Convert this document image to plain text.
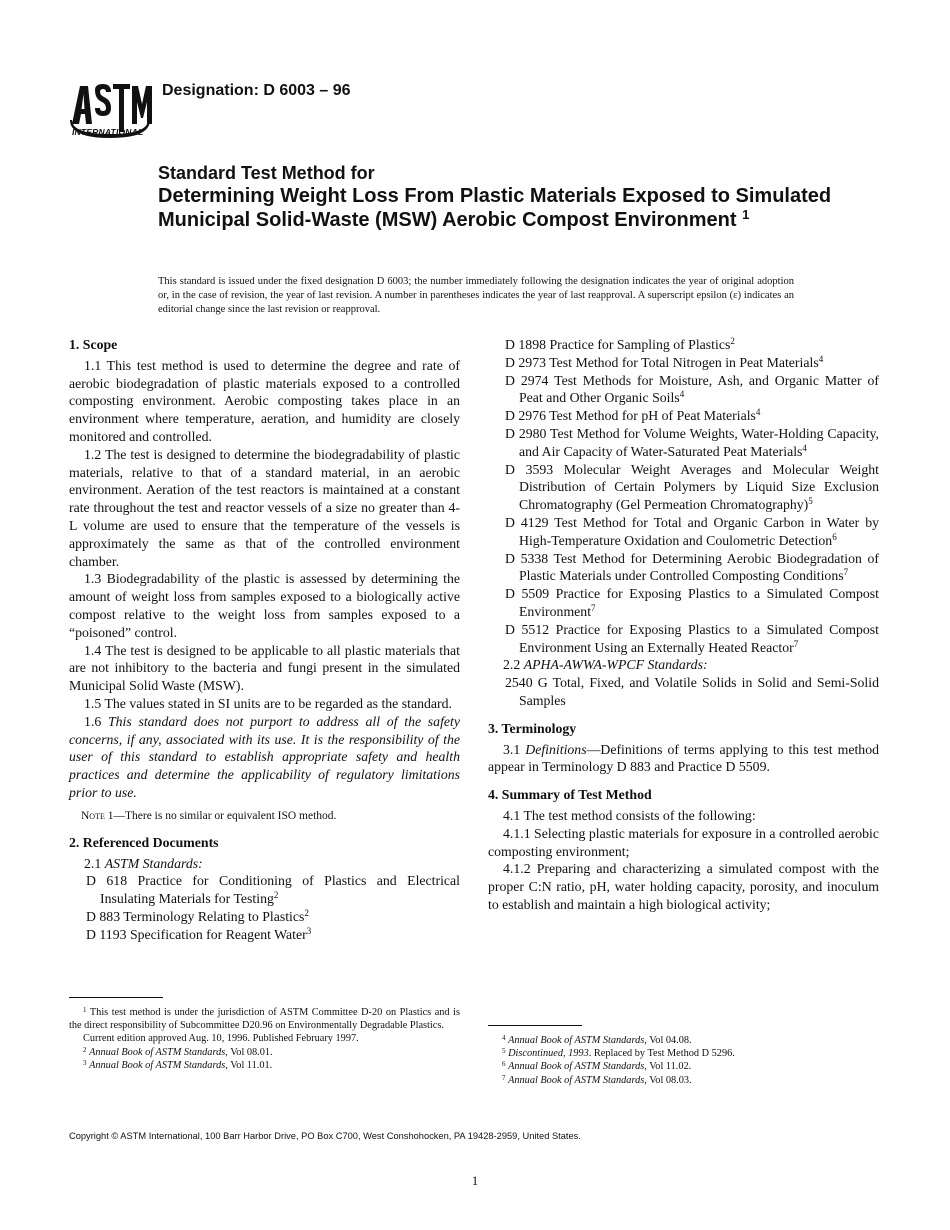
INTERNATIONAL
Designation: D 6003 – 96
Standard Test Method for
Determining Weight Loss From Plastic Materials Exposed to Simulated Municipal Solid-Waste (MSW) Aerobic Compost Environment $^1$
This standard is issued under the fixed designation D 6003; the number immediately following the designation indicates the year of original adoption or, in the case of revision, the year of last revision. A number in parentheses indicates the year of last reapproval. A superscript epsilon (ε) indicates an editorial change since the last revision or reapproval.

1. Scope

1.1 This test method is used to determine the degree and rate of aerobic biodegradation of plastic materials exposed to a controlled composting environment. Aerobic composting takes place in an environment where temperature, aeration, and humidity are closely monitored and controlled.

1.2 The test is designed to determine the biodegradability of plastic materials, relative to that of a standard material, in an aerobic environment. Aeration of the test reactors is maintained at a constant rate throughout the test and reactor vessels of a size no greater than 4-L volume are used to ensure that the temperature of the vessels is approximately the same as that of the controlled environment chamber.

1.3 Biodegradability of the plastic is assessed by determining the amount of weight loss from samples exposed to a biologically active compost relative to the weight loss from samples exposed to a “poisoned” control.

1.4 The test is designed to be applicable to all plastic materials that are not inhibitory to the bacteria and fungi present in the simulated Municipal Solid Waste (MSW).

1.5 The values stated in SI units are to be regarded as the standard.

1.6 This standard does not purport to address all of the safety concerns, if any, associated with its use. It is the responsibility of the user of this standard to establish appropriate safety and health practices and determine the applicability of regulatory limitations prior to use.

Note 1—There is no similar or equivalent ISO method.

2. Referenced Documents

2.1 ASTM Standards:

D 618 Practice for Conditioning of Plastics and Electrical Insulating Materials for Testing$^2$

D 883 Terminology Relating to Plastics$^2$

D 1193 Specification for Reagent Water$^3$

D 1898 Practice for Sampling of Plastics$^2$

D 2973 Test Method for Total Nitrogen in Peat Materials$^4$

D 2974 Test Methods for Moisture, Ash, and Organic Matter of Peat and Other Organic Soils$^4$

D 2976 Test Method for pH of Peat Materials$^4$

D 2980 Test Method for Volume Weights, Water-Holding Capacity, and Air Capacity of Water-Saturated Peat Materials$^4$

D 3593 Molecular Weight Averages and Molecular Weight Distribution of Certain Polymers by Liquid Size Exclusion Chromatography (Gel Permeation Chromatography)$^5$

D 4129 Test Method for Total and Organic Carbon in Water by High-Temperature Oxidation and Coulometric Detection$^6$

D 5338 Test Method for Determining Aerobic Biodegradation of Plastic Materials under Controlled Composting Conditions$^7$

D 5509 Practice for Exposing Plastics to a Simulated Compost Environment$^7$

D 5512 Practice for Exposing Plastics to a Simulated Compost Environment Using an Externally Heated Reactor$^7$

2.2 APHA-AWWA-WPCF Standards:

2540 G Total, Fixed, and Volatile Solids in Solid and Semi-Solid Samples

3. Terminology

3.1 Definitions—Definitions of terms applying to this test method appear in Terminology D 883 and Practice D 5509.

4. Summary of Test Method

4.1 The test method consists of the following:

4.1.1 Selecting plastic materials for exposure in a controlled aerobic composting environment;

4.1.2 Preparing and characterizing a simulated compost with the proper C:N ratio, pH, water holding capacity, porosity, and inoculum to establish and maintain a high biological activity;

$^1$ This test method is under the jurisdiction of ASTM Committee D-20 on Plastics and is the direct responsibility of Subcommittee D20.96 on Environmentally Degradable Plastics.

Current edition approved Aug. 10, 1996. Published February 1997.

$^2$ Annual Book of ASTM Standards, Vol 08.01.

$^3$ Annual Book of ASTM Standards, Vol 11.01.

$^4$ Annual Book of ASTM Standards, Vol 04.08.

$^5$ Discontinued, 1993. Replaced by Test Method D 5296.

$^6$ Annual Book of ASTM Standards, Vol 11.02.

$^7$ Annual Book of ASTM Standards, Vol 08.03.

Copyright © ASTM International, 100 Barr Harbor Drive, PO Box C700, West Conshohocken, PA 19428-2959, United States.
1
